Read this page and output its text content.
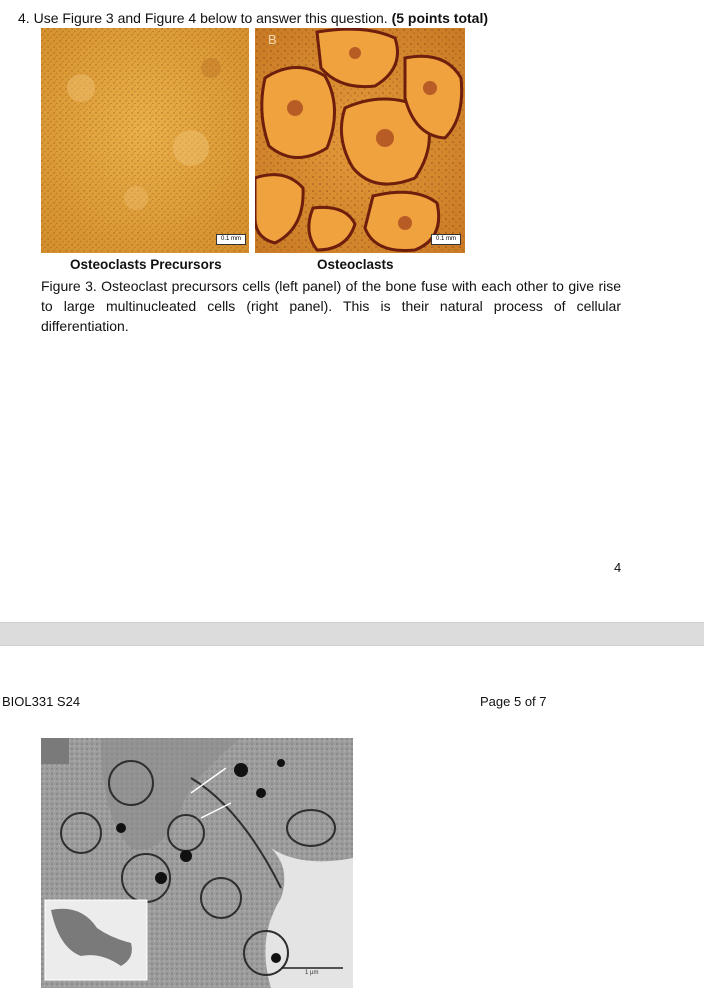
4. Use Figure 3 and Figure 4 below to answer this question. (5 points total)
0.1 mm
B
0.1 mm
Osteoclasts Precursors	Osteoclasts
Figure 3. Osteoclast precursors cells (left panel) of the bone fuse with each other to give rise to large multinucleated cells (right panel). This is their natural process of cellular differentiation.
4
BIOL331 S24	Page 5 of 7
1 µm
